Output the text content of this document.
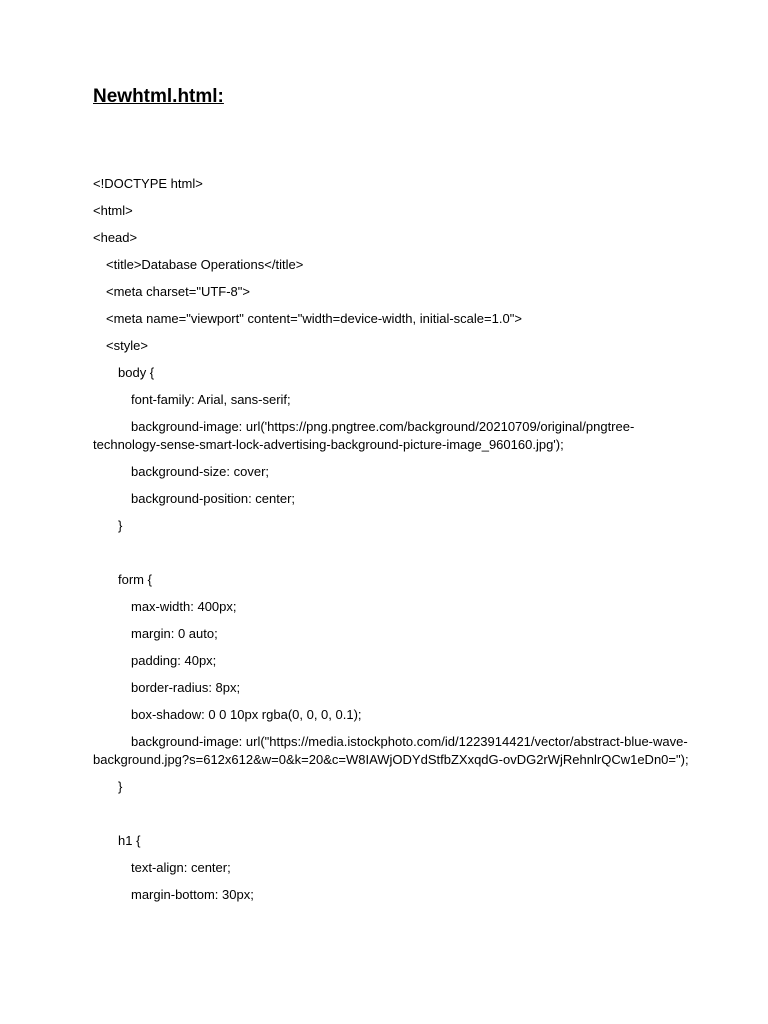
Newhtml.html:
<!DOCTYPE html>
<html>
<head>
<title>Database Operations</title>
<meta charset="UTF-8">
<meta name="viewport" content="width=device-width, initial-scale=1.0">
<style>
body {
font-family: Arial, sans-serif;
background-image: url('https://png.pngtree.com/background/20210709/original/pngtree-technology-sense-smart-lock-advertising-background-picture-image_960160.jpg');
background-size: cover;
background-position: center;
}
form {
max-width: 400px;
margin: 0 auto;
padding: 40px;
border-radius: 8px;
box-shadow: 0 0 10px rgba(0, 0, 0, 0.1);
background-image: url("https://media.istockphoto.com/id/1223914421/vector/abstract-blue-wave-background.jpg?s=612x612&w=0&k=20&c=W8IAWjODYdStfbZXxqdG-ovDG2rWjRehnlrQCw1eDn0=");
}
h1 {
text-align: center;
margin-bottom: 30px;
